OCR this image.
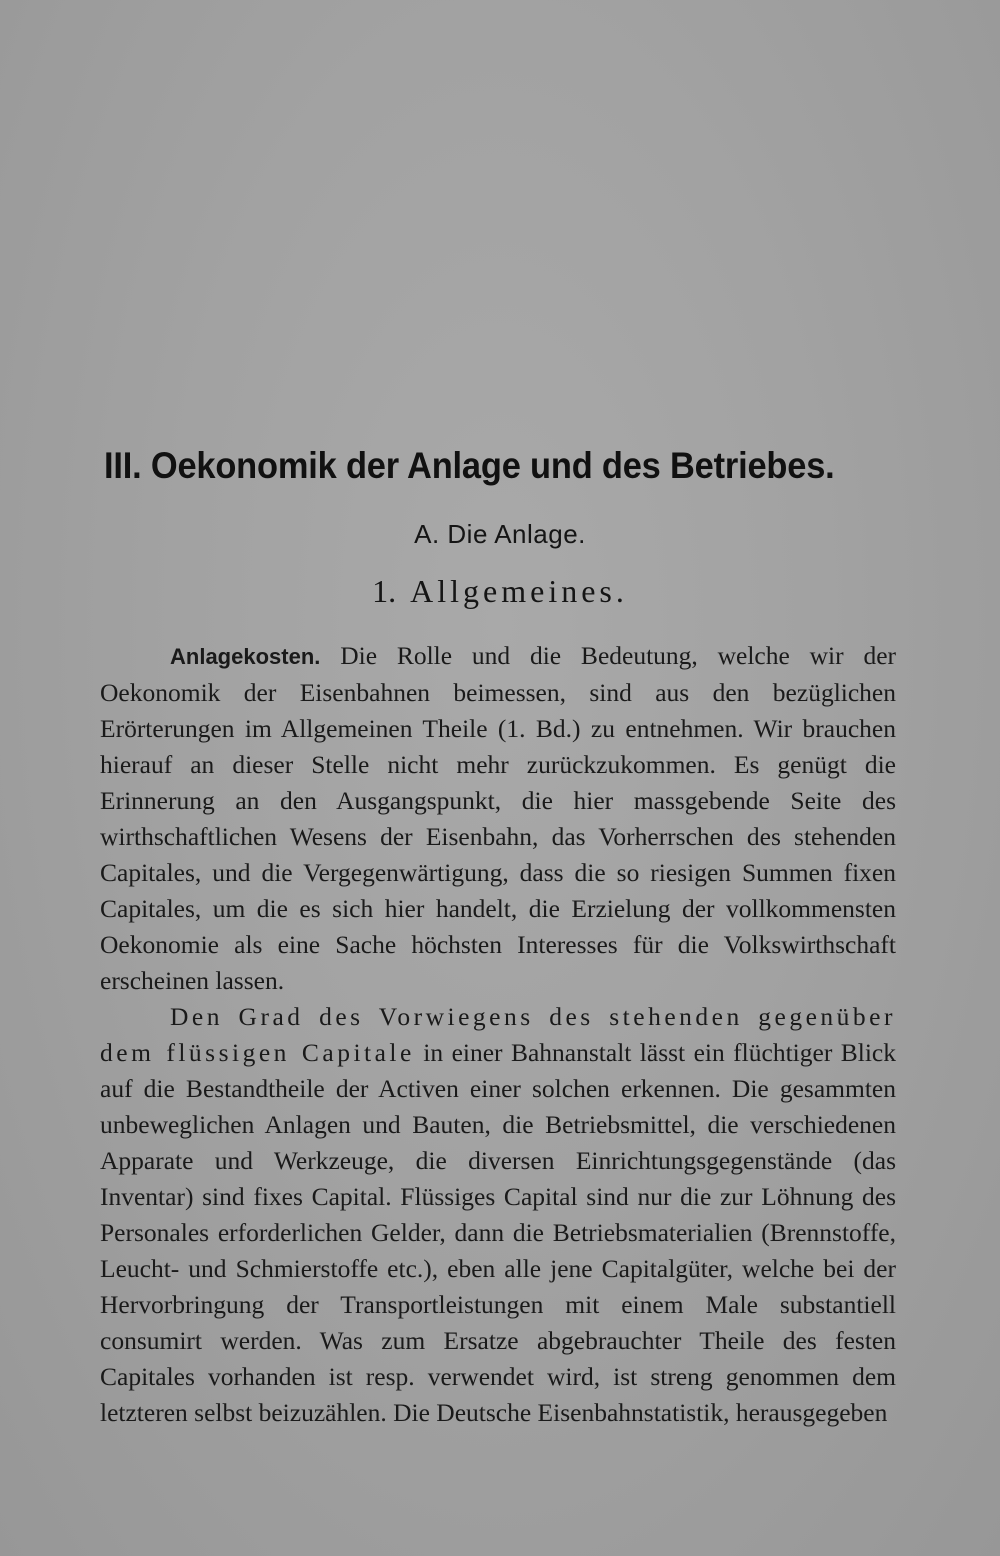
III. Oekonomik der Anlage und des Betriebes.
A. Die Anlage.
1. Allgemeines.

Anlagekosten. Die Rolle und die Bedeutung, welche wir der Oekonomik der Eisenbahnen beimessen, sind aus den bezüglichen Erörterungen im Allgemeinen Theile (1. Bd.) zu entnehmen. Wir brauchen hierauf an dieser Stelle nicht mehr zurückzukommen. Es genügt die Erinnerung an den Ausgangspunkt, die hier massgebende Seite des wirthschaftlichen Wesens der Eisenbahn, das Vorherrschen des stehenden Capitales, und die Vergegenwärtigung, dass die so riesigen Summen fixen Capitales, um die es sich hier handelt, die Erzielung der vollkommensten Oekonomie als eine Sache höchsten Interesses für die Volkswirthschaft erscheinen lassen.

Den Grad des Vorwiegens des stehenden gegenüber dem flüssigen Capitale in einer Bahnanstalt lässt ein flüchtiger Blick auf die Bestandtheile der Activen einer solchen erkennen. Die gesammten unbeweglichen Anlagen und Bauten, die Betriebsmittel, die verschiedenen Apparate und Werkzeuge, die diversen Einrichtungsgegenstände (das Inventar) sind fixes Capital. Flüssiges Capital sind nur die zur Löhnung des Personales erforderlichen Gelder, dann die Betriebsmaterialien (Brennstoffe, Leucht- und Schmierstoffe etc.), eben alle jene Capitalgüter, welche bei der Hervorbringung der Transportleistungen mit einem Male substantiell consumirt werden. Was zum Ersatze abgebrauchter Theile des festen Capitales vorhanden ist resp. verwendet wird, ist streng genommen dem letzteren selbst beizuzählen. Die Deutsche Eisenbahnstatistik, herausgegeben
